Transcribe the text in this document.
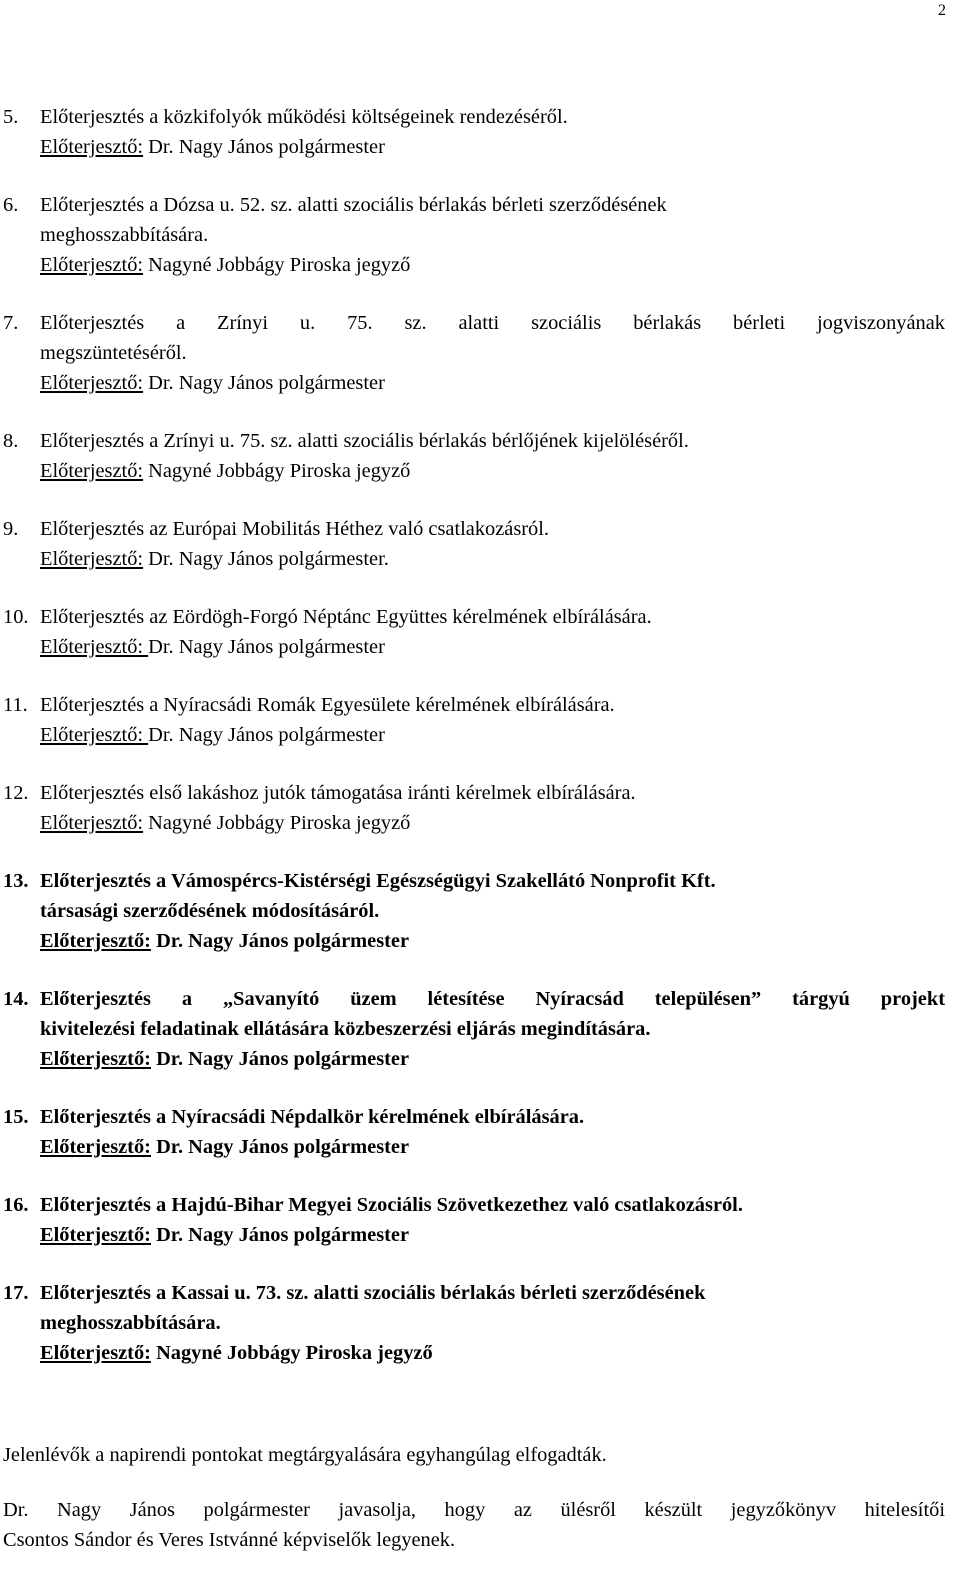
2
5.	Előterjesztés a közkifolyók működési költségeinek rendezéséről.
Előterjesztő: Dr. Nagy János polgármester
6.	Előterjesztés a Dózsa u. 52. sz. alatti szociális bérlakás bérleti szerződésének
meghosszabbítására.
Előterjesztő: Nagyné Jobbágy Piroska jegyző
7.	Előterjesztés a Zrínyi u. 75. sz. alatti szociális bérlakás bérleti jogviszonyának
megszüntetéséről.
Előterjesztő: Dr. Nagy János polgármester
8.	Előterjesztés a Zrínyi u. 75. sz. alatti szociális bérlakás bérlőjének kijelöléséről.
Előterjesztő: Nagyné Jobbágy Piroska jegyző
9.	Előterjesztés az Európai Mobilitás Héthez való csatlakozásról.
Előterjesztő: Dr. Nagy János polgármester.
10. Előterjesztés az Eördögh-Forgó Néptánc Együttes kérelmének elbírálására.
Előterjesztő: Dr. Nagy János polgármester
11. Előterjesztés a Nyíracsádi Romák Egyesülete kérelmének elbírálására.
Előterjesztő: Dr. Nagy János polgármester
12. Előterjesztés első lakáshoz jutók támogatása iránti kérelmek elbírálására.
Előterjesztő: Nagyné Jobbágy Piroska jegyző
13. Előterjesztés a Vámospércs-Kistérségi Egészségügyi Szakellátó Nonprofit Kft.
társasági szerződésének módosításáról.
Előterjesztő: Dr. Nagy János polgármester
14. Előterjesztés a „Savanyító üzem létesítése Nyíracsád településen” tárgyú projekt
kivitelezési feladatinak ellátására közbeszerzési eljárás megindítására.
Előterjesztő: Dr. Nagy János polgármester
15. Előterjesztés a Nyíracsádi Népdalkör kérelmének elbírálására.
Előterjesztő: Dr. Nagy János polgármester
16. Előterjesztés a Hajdú-Bihar Megyei Szociális Szövetkezethez való csatlakozásról.
Előterjesztő: Dr. Nagy János polgármester
17. Előterjesztés a Kassai u. 73. sz. alatti szociális bérlakás bérleti szerződésének
meghosszabbítására.
Előterjesztő: Nagyné Jobbágy Piroska jegyző
Jelenlévők a napirendi pontokat megtárgyalására egyhangúlag elfogadták.
Dr. Nagy János polgármester javasolja, hogy az ülésről készült jegyzőkönyv hitelesítői
Csontos Sándor és Veres Istvánné képviselők legyenek.
